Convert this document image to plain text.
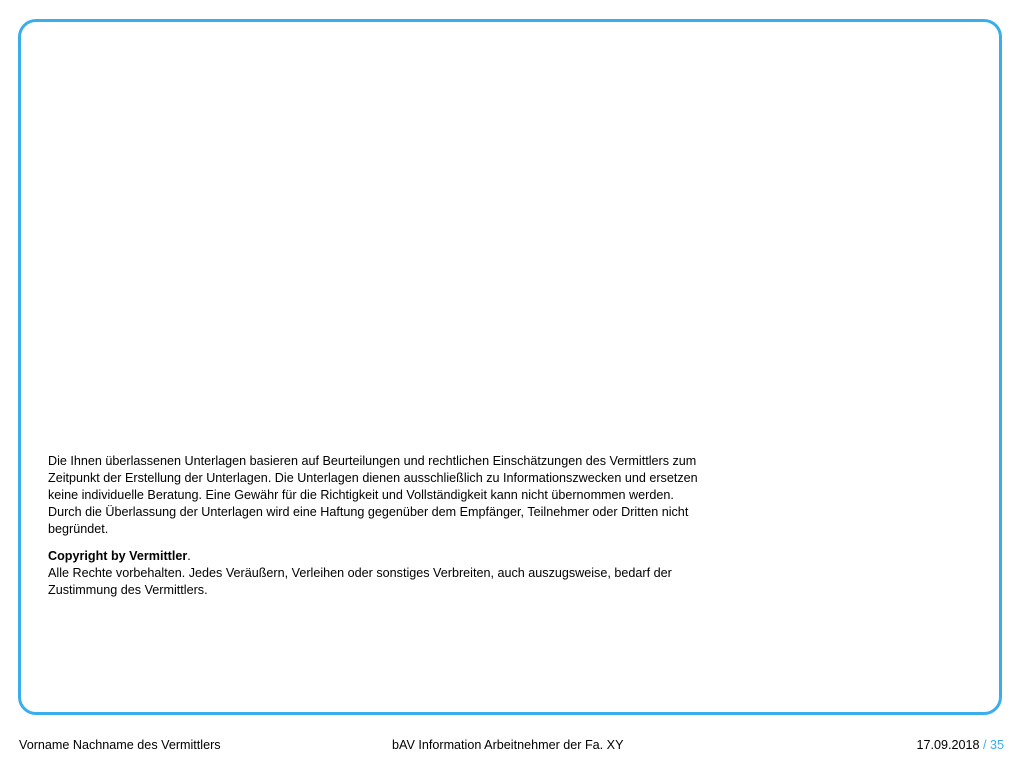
Die Ihnen überlassenen Unterlagen basieren auf Beurteilungen und rechtlichen Einschätzungen des Vermittlers zum Zeitpunkt der Erstellung der Unterlagen. Die Unterlagen dienen ausschließlich zu Informationszwecken und ersetzen keine individuelle Beratung. Eine Gewähr für die Richtigkeit und Vollständigkeit kann nicht übernommen werden. Durch die Überlassung der Unterlagen wird eine Haftung gegenüber dem Empfänger, Teilnehmer oder Dritten nicht begründet.

Copyright by Vermittler.

Alle Rechte vorbehalten. Jedes Veräußern, Verleihen oder sonstiges Verbreiten, auch auszugsweise, bedarf der Zustimmung des Vermittlers.

Vorname Nachname des Vermittlers	bAV Information Arbeitnehmer der Fa. XY	17.09.2018 / 35
